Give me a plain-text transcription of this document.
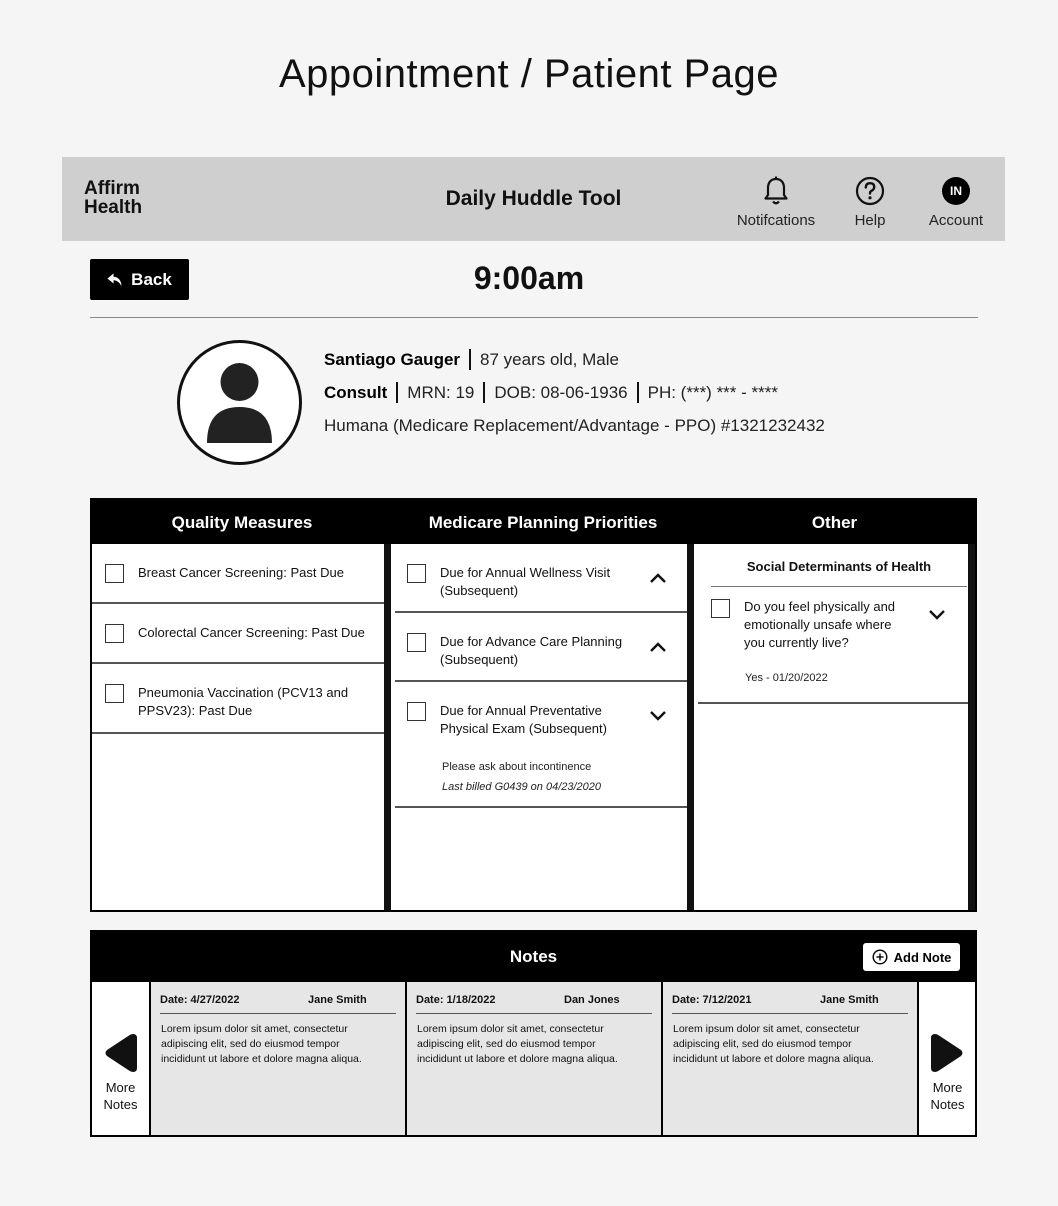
Appointment / Patient Page
Affirm
Health	Daily Huddle Tool
Notifcations	Help
IN
Account
Back	9:00am
Santiago Gauger 87 years old, Male
Consult MRN: 19 DOB: 08-06-1936 PH: (***) *** - ****
Humana (Medicare Replacement/Advantage - PPO) #1321232432
Quality Measures	Medicare Planning Priorities	Other
Breast Cancer Screening: Past Due
Colorectal Cancer Screening: Past Due
Pneumonia Vaccination (PCV13 and
PPSV23): Past Due
Due for Annual Wellness Visit
(Subsequent)
Due for Advance Care Planning
(Subsequent)
Due for Annual Preventative
Physical Exam (Subsequent)
Please ask about incontinence
Last billed G0439 on 04/23/2020
Social Determinants of Health
Do you feel physically and
emotionally unsafe where
you currently live?
Yes - 01/20/2022
Notes	Add Note
More
Notes
Date: 4/27/2022	Jane Smith
Lorem ipsum dolor sit amet, consectetur
adipiscing elit, sed do eiusmod tempor
incididunt ut labore et dolore magna aliqua.
Date: 1/18/2022	Dan Jones
Lorem ipsum dolor sit amet, consectetur
adipiscing elit, sed do eiusmod tempor
incididunt ut labore et dolore magna aliqua.
Date: 7/12/2021	Jane Smith
Lorem ipsum dolor sit amet, consectetur
adipiscing elit, sed do eiusmod tempor
incididunt ut labore et dolore magna aliqua.
More
Notes
